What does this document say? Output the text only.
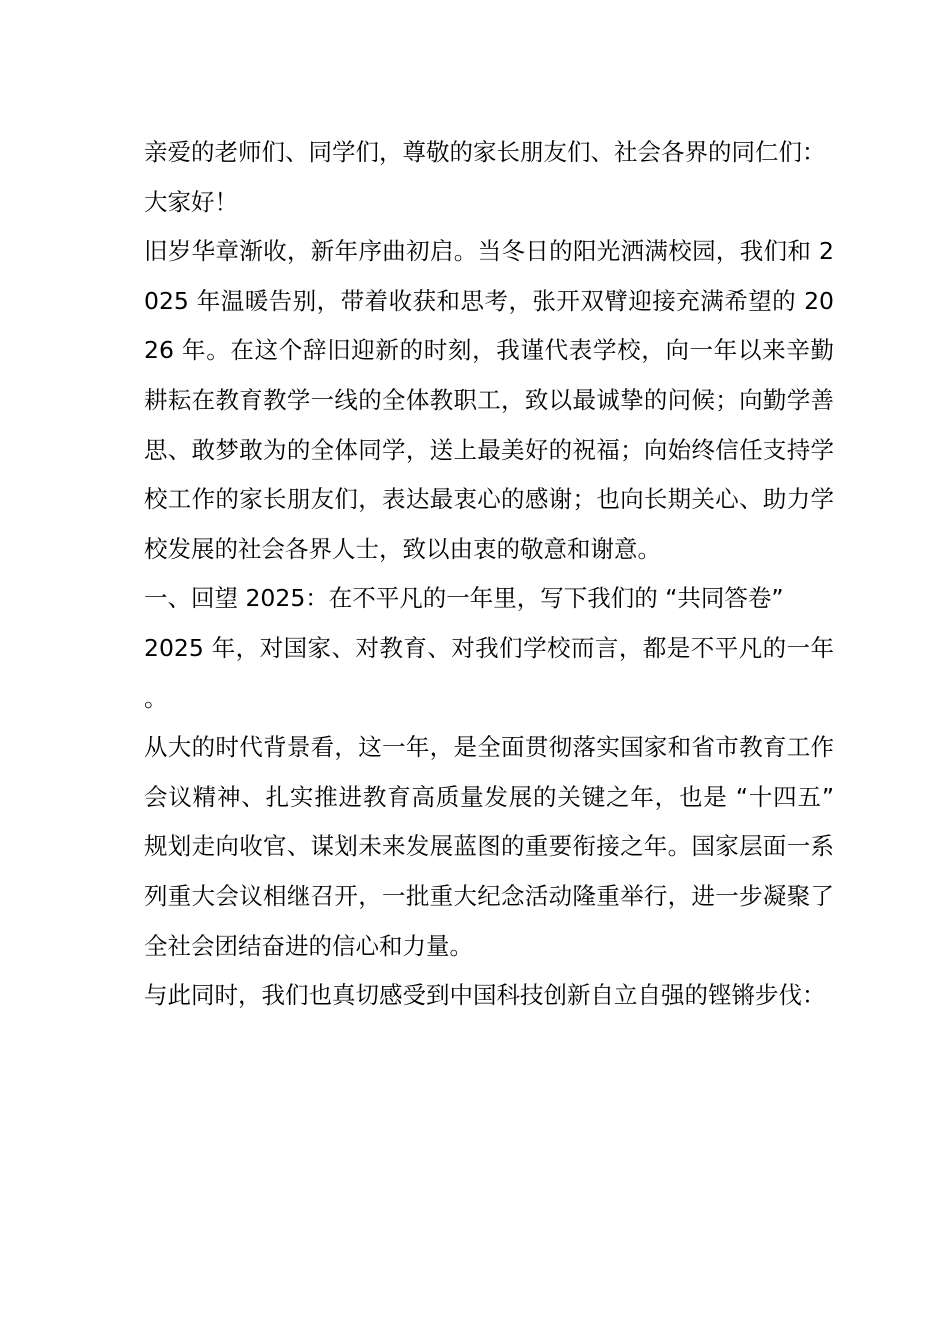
亲爱的老师们、同学们，尊敬的家长朋友们、社会各界的同仁们：

大家好！

旧岁华章渐收，新年序曲初启。当冬日的阳光洒满校园，我们和 2025 年温暖告别，带着收获和思考，张开双臂迎接充满希望的 2026 年。在这个辞旧迎新的时刻，我谨代表学校，向一年以来辛勤耕耘在教育教学一线的全体教职工，致以最诚挚的问候；向勤学善思、敢梦敢为的全体同学，送上最美好的祝福；向始终信任支持学校工作的家长朋友们，表达最衷心的感谢；也向长期关心、助力学校发展的社会各界人士，致以由衷的敬意和谢意。

一、回望 2025：在不平凡的一年里，写下我们的 “共同答卷”

2025 年，对国家、对教育、对我们学校而言，都是不平凡的一年。

从大的时代背景看，这一年，是全面贯彻落实国家和省市教育工作会议精神、扎实推进教育高质量发展的关键之年，也是 “十四五” 规划走向收官、谋划未来发展蓝图的重要衔接之年。国家层面一系列重大会议相继召开，一批重大纪念活动隆重举行，进一步凝聚了全社会团结奋进的信心和力量。

与此同时，我们也真切感受到中国科技创新自立自强的铿锵步伐：
